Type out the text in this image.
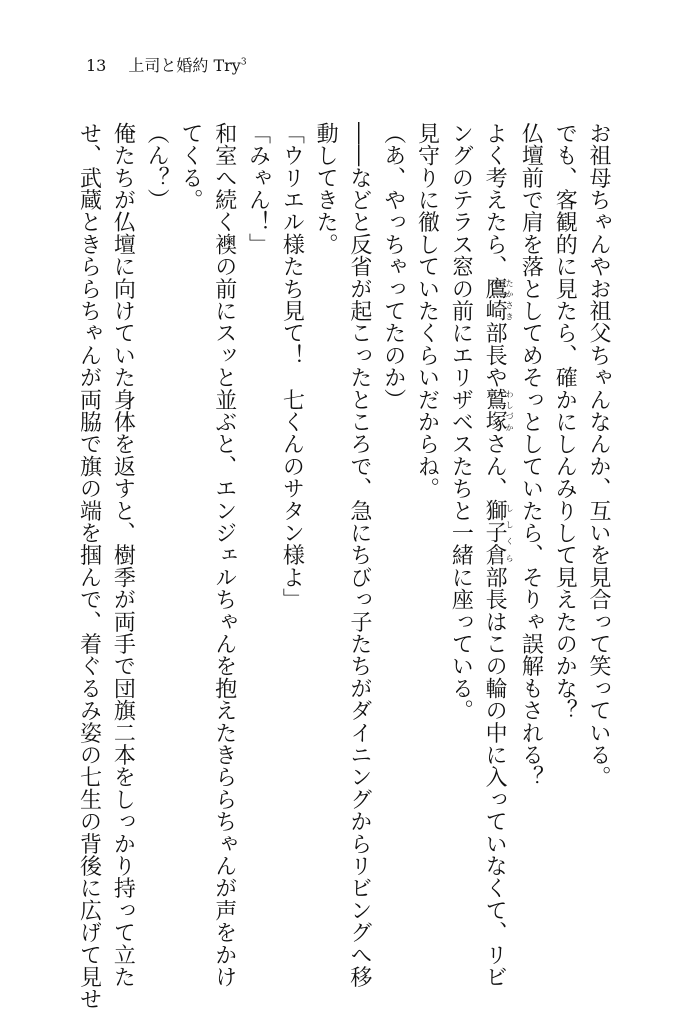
13 上司と婚約 Try$^3$
お祖母ちゃんやお祖父ちゃんなんか、互いを見合って笑っている。
でも、客観的に見たら、確かにしんみりして見えたのかな？
仏壇前で肩を落としてめそっとしていたら、そりゃ誤解もされる？
よく考えたら、鷹崎たかさき部長や鷲塚わしづかさん、獅子倉ししくら部長はこの輪の中に入っていなくて、リビ
ングのテラス窓の前にエリザベスたちと一緒に座っている。
見守りに徹していたくらいだからね。
（あ、やっちゃってたのか）
――などと反省が起こったところで、急にちびっ子たちがダイニングからリビングへ移
動してきた。
「ウリエル様たち見て！　七くんのサタン様よ」
「みゃん！」
和室へ続く襖の前にスッと並ぶと、エンジェルちゃんを抱えたきららちゃんが声をかけ
てくる。
（ん？）
俺たちが仏壇に向けていた身体を返すと、樹季が両手で団旗二本をしっかり持って立た
せ、武蔵ときららちゃんが両脇で旗の端を掴んで、着ぐるみ姿の七生の背後に広げて見せ
